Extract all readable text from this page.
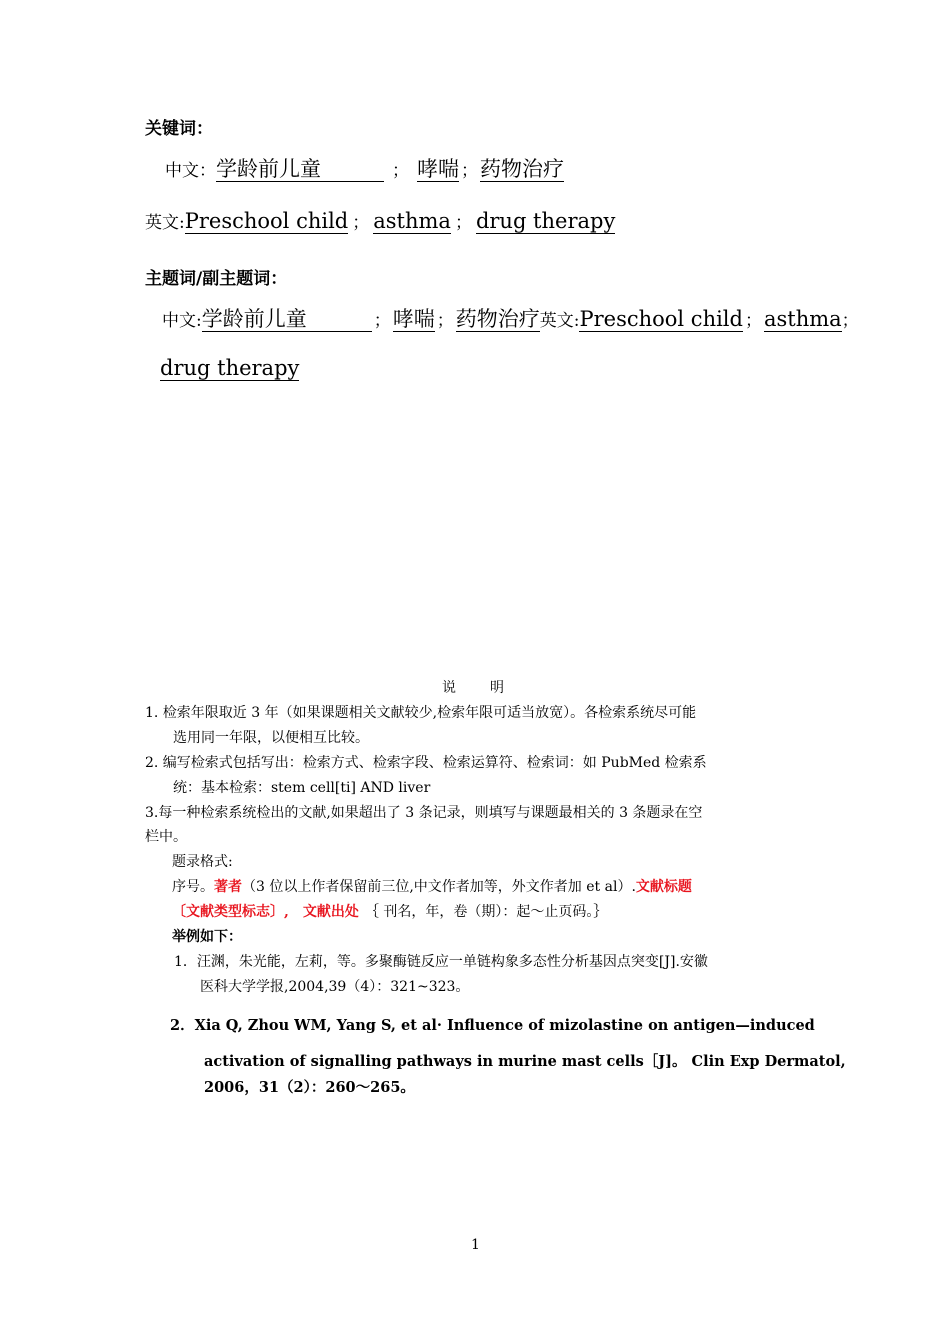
关键词：
中文：学龄前儿童	； 哮喘 ；药物治疗
英文:Preschool child ； asthma ； drug therapy
主题词/副主题词：
中文:学龄前儿童	；哮喘 ；药物治疗英文:Preschool child ；asthma；
drug therapy
说　　明
1. 检索年限取近 3 年（如果课题相关文献较少,检索年限可适当放宽）。各检索系统尽可能
选用同一年限，以便相互比较。
2. 编写检索式包括写出：检索方式、检索字段、检索运算符、检索词：如 PubMed 检索系
统：基本检索：stem cell[ti] AND liver
3.每一种检索系统检出的文献,如果超出了 3 条记录，则填写与课题最相关的 3 条题录在空
栏中。
题录格式:
序号。著者（3 位以上作者保留前三位,中文作者加等，外文作者加 et al）.文献标题
〔文献类型标志〕, 文献出处 ｛ 刊名，年，卷（期）：起～止页码。｝
举例如下：
1．汪渊，朱光能，左莉，等。多聚酶链反应一单链构象多态性分析基因点突变[J].安徽
医科大学学报,2004,39（4）：321~323。
2．Xia Q, Zhou WM, Yang S, et al· Influence of mizolastine on antigen—induced
activation of signalling pathways in murine mast cells［J]。 Clin Exp Dermatol,
2006，31（2）：260～265。
1
